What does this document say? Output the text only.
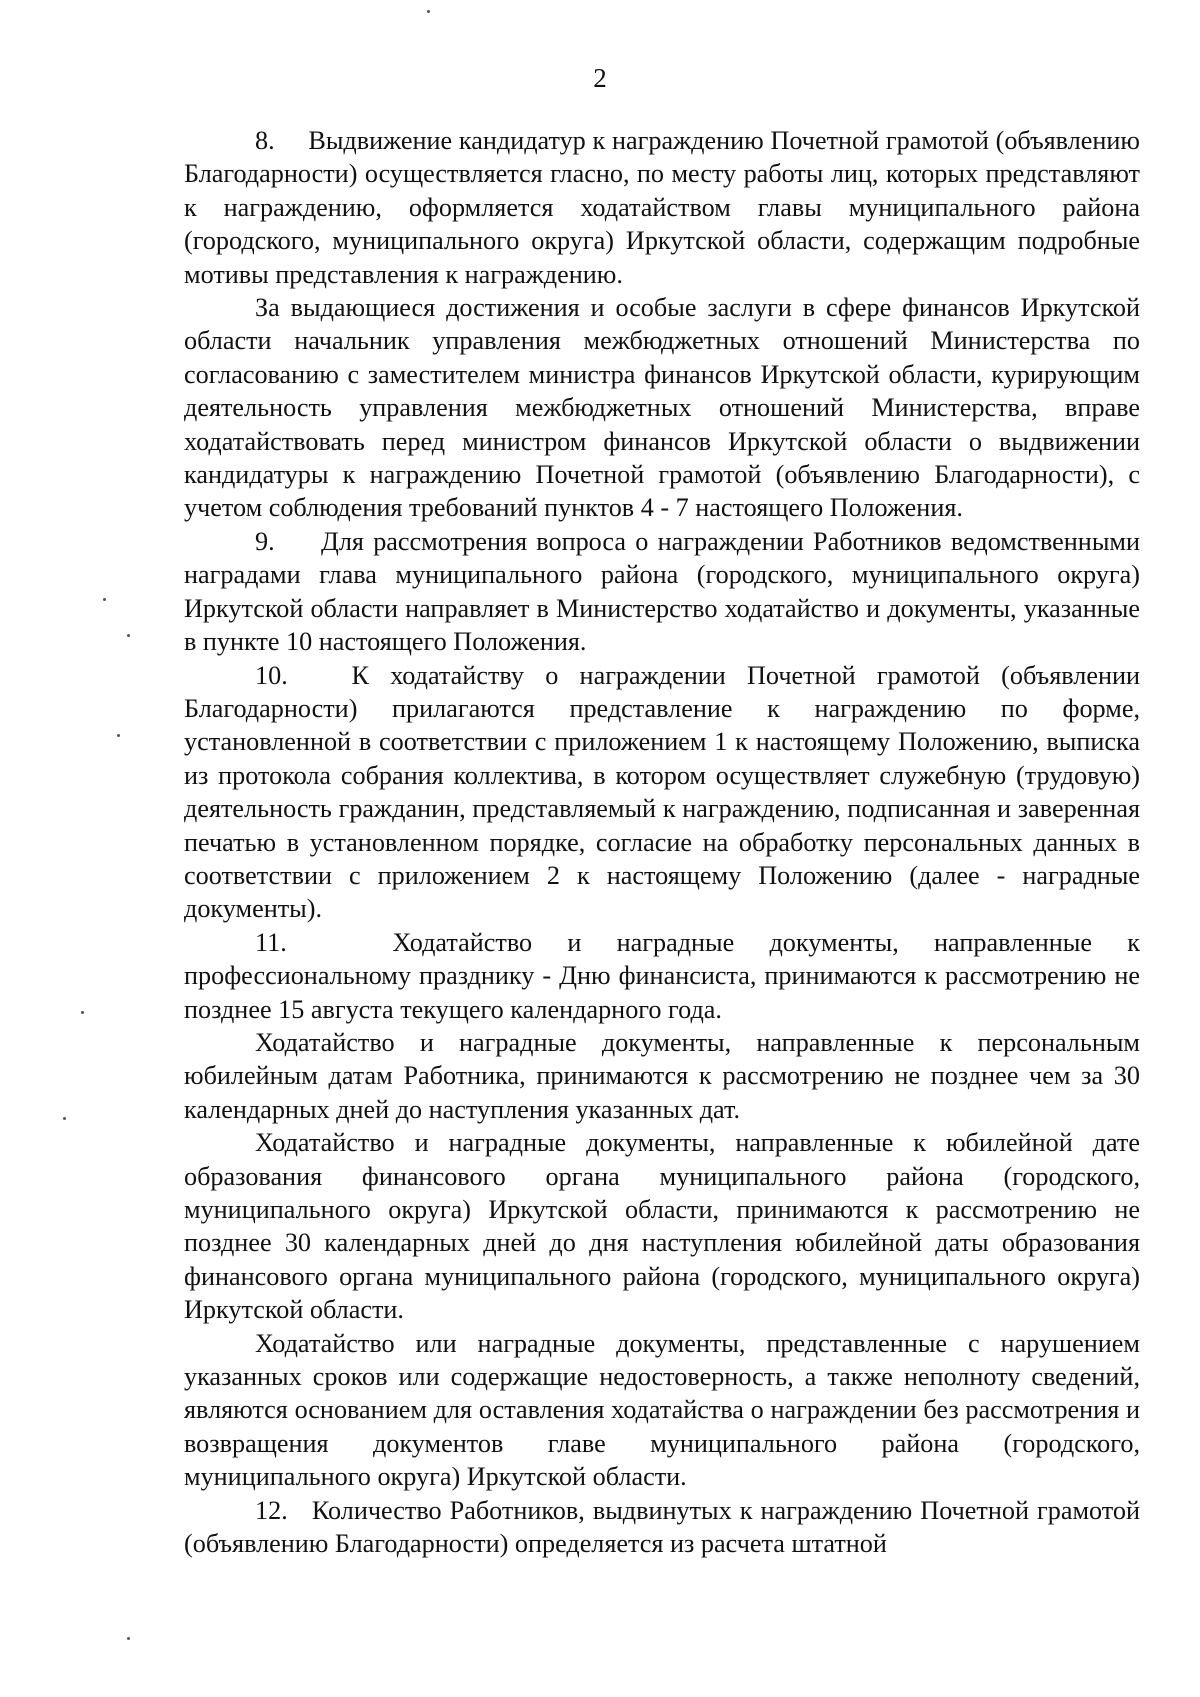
2

8.     Выдвижение кандидатур к награждению Почетной грамотой (объявлению Благодарности) осуществляется гласно, по месту работы лиц, которых представляют к награждению, оформляется ходатайством главы муниципального района (городского, муниципального округа) Иркутской области, содержащим подробные мотивы представления к награждению.

За выдающиеся достижения и особые заслуги в сфере финансов Иркутской области начальник управления межбюджетных отношений Министерства по согласованию с заместителем министра финансов Иркутской области, курирующим деятельность управления межбюджетных отношений Министерства, вправе ходатайствовать перед министром финансов Иркутской области о выдвижении кандидатуры к награждению Почетной грамотой (объявлению Благодарности), с учетом соблюдения требований пунктов 4 - 7 настоящего Положения.

9.     Для рассмотрения вопроса о награждении Работников ведомственными наградами глава муниципального района (городского, муниципального округа) Иркутской области направляет в Министерство ходатайство и документы, указанные в пункте 10 настоящего Положения.

10.   К ходатайству о награждении Почетной грамотой (объявлении Благодарности) прилагаются представление к награждению по форме, установленной в соответствии с приложением 1 к настоящему Положению, выписка из протокола собрания коллектива, в котором осуществляет служебную (трудовую) деятельность гражданин, представляемый к награждению, подписанная и заверенная печатью в установленном порядке, согласие на обработку персональных данных в соответствии с приложением 2 к настоящему Положению (далее - наградные документы).

11.   Ходатайство и наградные документы, направленные к профессиональному празднику - Дню финансиста, принимаются к рассмотрению не позднее 15 августа текущего календарного года.

Ходатайство и наградные документы, направленные к персональным юбилейным датам Работника, принимаются к рассмотрению не позднее чем за 30 календарных дней до наступления указанных дат.

Ходатайство и наградные документы, направленные к юбилейной дате образования финансового органа муниципального района (городского, муниципального округа) Иркутской области, принимаются к рассмотрению не позднее 30 календарных дней до дня наступления юбилейной даты образования финансового органа муниципального района (городского, муниципального округа) Иркутской области.

Ходатайство или наградные документы, представленные с нарушением указанных сроков или содержащие недостоверность, а также неполноту сведений, являются основанием для оставления ходатайства о награждении без рассмотрения и возвращения документов главе муниципального района (городского, муниципального округа) Иркутской области.

12.   Количество Работников, выдвинутых к награждению Почетной грамотой (объявлению Благодарности) определяется из расчета штатной
